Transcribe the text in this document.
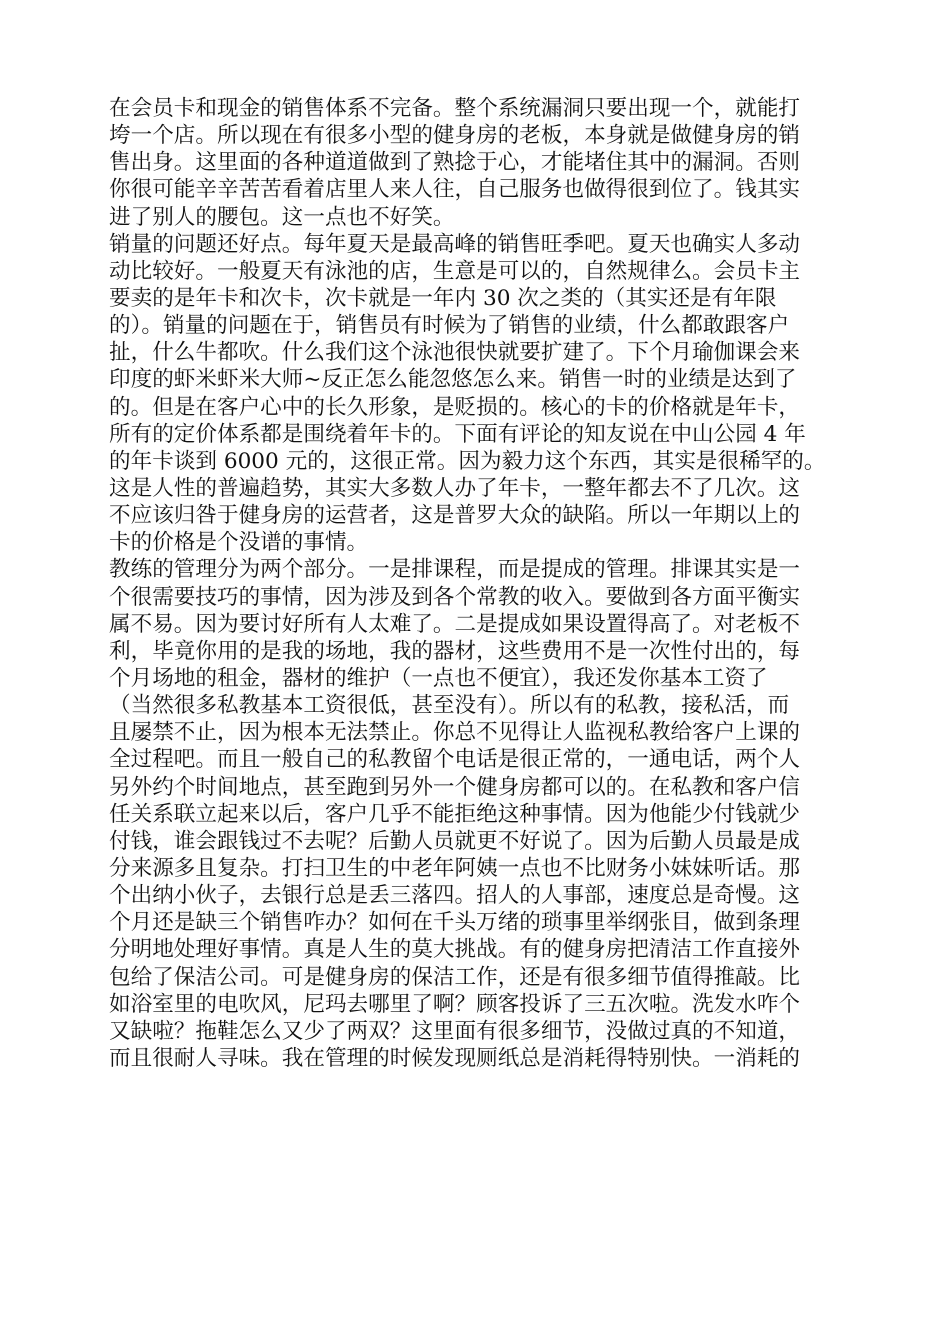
在会员卡和现金的销售体系不完备。整个系统漏洞只要出现一个，就能打
垮一个店。所以现在有很多小型的健身房的老板，本身就是做健身房的销
售出身。这里面的各种道道做到了熟捻于心，才能堵住其中的漏洞。否则
你很可能辛辛苦苦看着店里人来人往，自己服务也做得很到位了。钱其实
进了别人的腰包。这一点也不好笑。
销量的问题还好点。每年夏天是最高峰的销售旺季吧。夏天也确实人多动
动比较好。一般夏天有泳池的店，生意是可以的，自然规律么。会员卡主
要卖的是年卡和次卡，次卡就是一年内 30 次之类的（其实还是有年限
的）。销量的问题在于，销售员有时候为了销售的业绩，什么都敢跟客户
扯，什么牛都吹。什么我们这个泳池很快就要扩建了。下个月瑜伽课会来
印度的虾米虾米大师~反正怎么能忽悠怎么来。销售一时的业绩是达到了
的。但是在客户心中的长久形象，是贬损的。核心的卡的价格就是年卡，
所有的定价体系都是围绕着年卡的。下面有评论的知友说在中山公园 4 年
的年卡谈到 6000 元的，这很正常。因为毅力这个东西，其实是很稀罕的。
这是人性的普遍趋势，其实大多数人办了年卡，一整年都去不了几次。这
不应该归咎于健身房的运营者，这是普罗大众的缺陷。所以一年期以上的
卡的价格是个没谱的事情。
教练的管理分为两个部分。一是排课程，而是提成的管理。排课其实是一
个很需要技巧的事情，因为涉及到各个常教的收入。要做到各方面平衡实
属不易。因为要讨好所有人太难了。二是提成如果设置得高了。对老板不
利，毕竟你用的是我的场地，我的器材，这些费用不是一次性付出的，每
个月场地的租金，器材的维护（一点也不便宜），我还发你基本工资了
（当然很多私教基本工资很低，甚至没有）。所以有的私教，接私活，而
且屡禁不止，因为根本无法禁止。你总不见得让人监视私教给客户上课的
全过程吧。而且一般自己的私教留个电话是很正常的，一通电话，两个人
另外约个时间地点，甚至跑到另外一个健身房都可以的。在私教和客户信
任关系联立起来以后，客户几乎不能拒绝这种事情。因为他能少付钱就少
付钱，谁会跟钱过不去呢？后勤人员就更不好说了。因为后勤人员最是成
分来源多且复杂。打扫卫生的中老年阿姨一点也不比财务小妹妹听话。那
个出纳小伙子，去银行总是丢三落四。招人的人事部，速度总是奇慢。这
个月还是缺三个销售咋办？如何在千头万绪的琐事里举纲张目，做到条理
分明地处理好事情。真是人生的莫大挑战。有的健身房把清洁工作直接外
包给了保洁公司。可是健身房的保洁工作，还是有很多细节值得推敲。比
如浴室里的电吹风，尼玛去哪里了啊？顾客投诉了三五次啦。洗发水咋个
又缺啦？拖鞋怎么又少了两双？这里面有很多细节，没做过真的不知道，
而且很耐人寻味。我在管理的时候发现厕纸总是消耗得特别快。一消耗的
